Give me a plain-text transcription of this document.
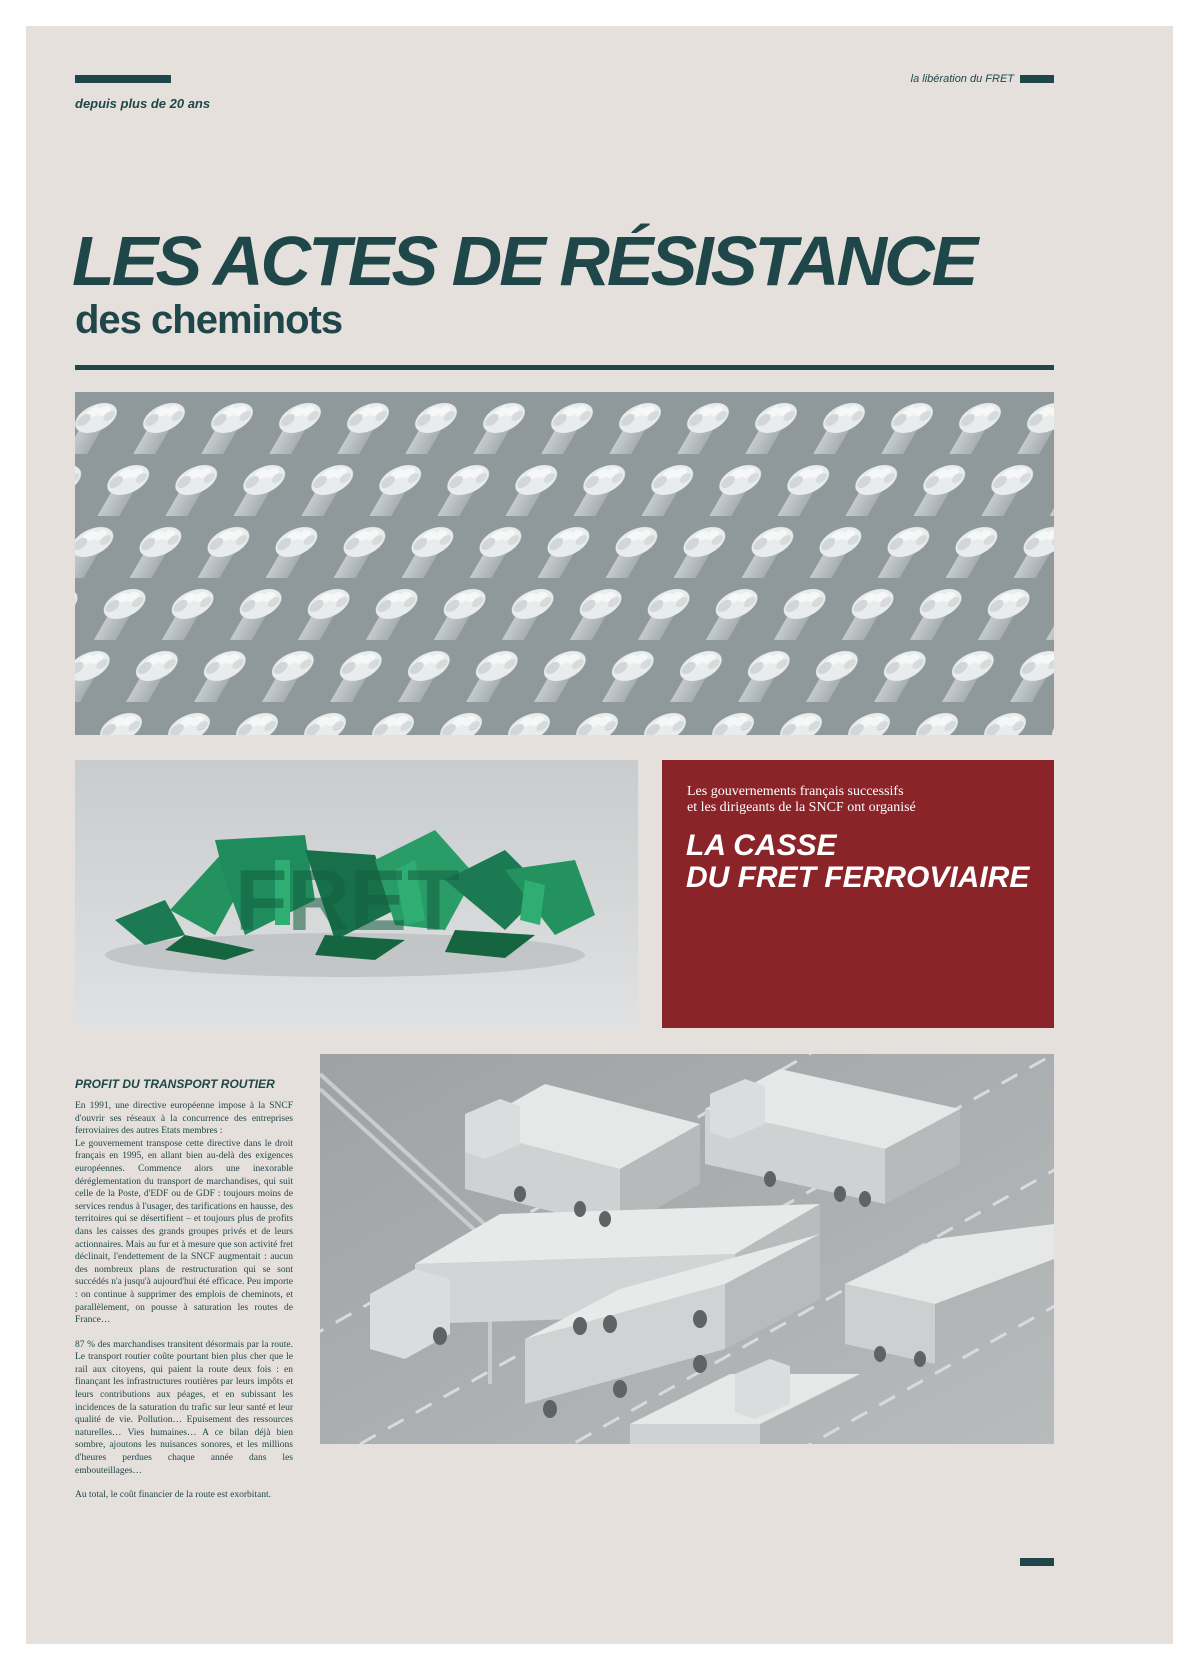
depuis plus de 20 ans
la libération du FRET
LES ACTES DE RÉSISTANCE
des cheminots
FRET
Les gouvernements français successifs
et les dirigeants de la SNCF ont organisé
LA CASSE
DU FRET FERROVIAIRE
PROFIT DU TRANSPORT ROUTIER

En 1991, une directive européenne impose à la SNCF d'ouvrir ses réseaux à la concurrence des entreprises ferroviaires des autres Etats membres :
Le gouvernement transpose cette directive dans le droit français en 1995, en allant bien au-delà des exigences européennes. Commence alors une inexorable déréglementation du transport de marchandises, qui suit celle de la Poste, d'EDF ou de GDF : toujours moins de services rendus à l'usager, des tarifications en hausse, des territoires qui se désertifient – et toujours plus de profits dans les caisses des grands groupes privés et de leurs actionnaires. Mais au fur et à mesure que son activité fret déclinait, l'endettement de la SNCF augmentait : aucun des nombreux plans de restructuration qui se sont succédés n'a jusqu'à aujourd'hui été efficace. Peu importe : on continue à supprimer des emplois de cheminots, et parallèlement, on pousse à saturation les routes de France…

87 % des marchandises transitent désormais par la route. Le transport routier coûte pourtant bien plus cher que le rail aux citoyens, qui paient la route deux fois : en finançant les infrastructures routières par leurs impôts et leurs contributions aux péages, et en subissant les incidences de la saturation du trafic sur leur santé et leur qualité de vie. Pollution… Epuisement des ressources naturelles… Vies humaines… A ce bilan déjà bien sombre, ajoutons les nuisances sonores, et les millions d'heures perdues chaque année dans les embouteillages…

Au total, le coût financier de la route est exorbitant.
